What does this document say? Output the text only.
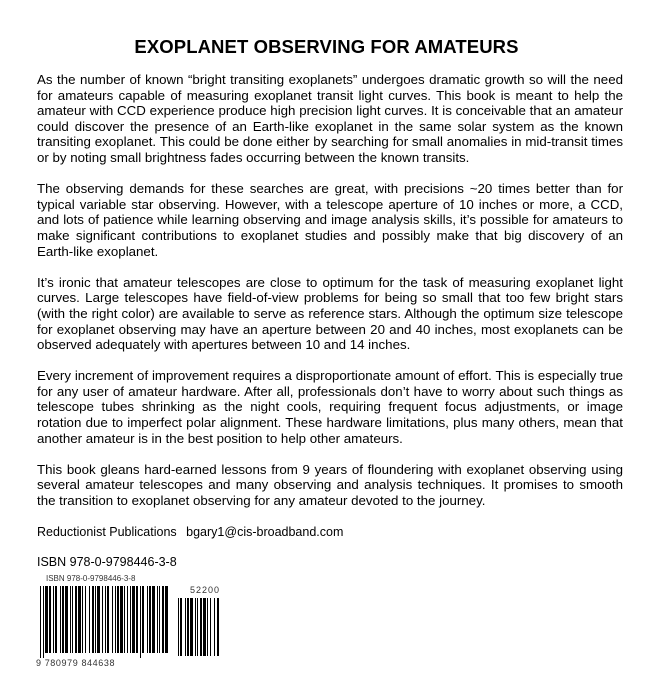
EXOPLANET OBSERVING FOR AMATEURS

As the number of known “bright transiting exoplanets” undergoes dramatic growth so will the need for amateurs capable of measuring exoplanet transit light curves. This book is meant to help the amateur with CCD experience produce high precision light curves. It is conceivable that an amateur could discover the presence of an Earth-like exoplanet in the same solar system as the known transiting exoplanet. This could be done either by searching for small anomalies in mid-transit times or by noting small brightness fades occurring between the known transits.

The observing demands for these searches are great, with precisions ~20 times better than for typical variable star observing. However, with a telescope aperture of 10 inches or more, a CCD, and lots of patience while learning observing and image analysis skills, it’s possible for amateurs to make significant contributions to exoplanet studies and possibly make that big discovery of an Earth-like exoplanet.

It’s ironic that amateur telescopes are close to optimum for the task of measuring exoplanet light curves. Large telescopes have field-of-view problems for being so small that too few bright stars (with the right color) are available to serve as reference stars. Although the optimum size telescope for exoplanet observing may have an aperture between 20 and 40 inches, most exoplanets can be observed adequately with apertures between 10 and 14 inches.

Every increment of improvement requires a disproportionate amount of effort. This is especially true for any user of amateur hardware. After all, professionals don’t have to worry about such things as telescope tubes shrinking as the night cools, requiring frequent focus adjustments, or image rotation due to imperfect polar alignment. These hardware limitations, plus many others, mean that another amateur is in the best position to help other amateurs.

This book gleans hard-earned lessons from 9 years of floundering with exoplanet observing using several amateur telescopes and many observing and analysis techniques. It promises to smooth the transition to exoplanet observing for any amateur devoted to the journey.

Reductionist Publications bgary1@cis-broadband.com
ISBN 978-0-9798446-3-8
ISBN 978-0-9798446-3-8
52200
9 780979 844638
